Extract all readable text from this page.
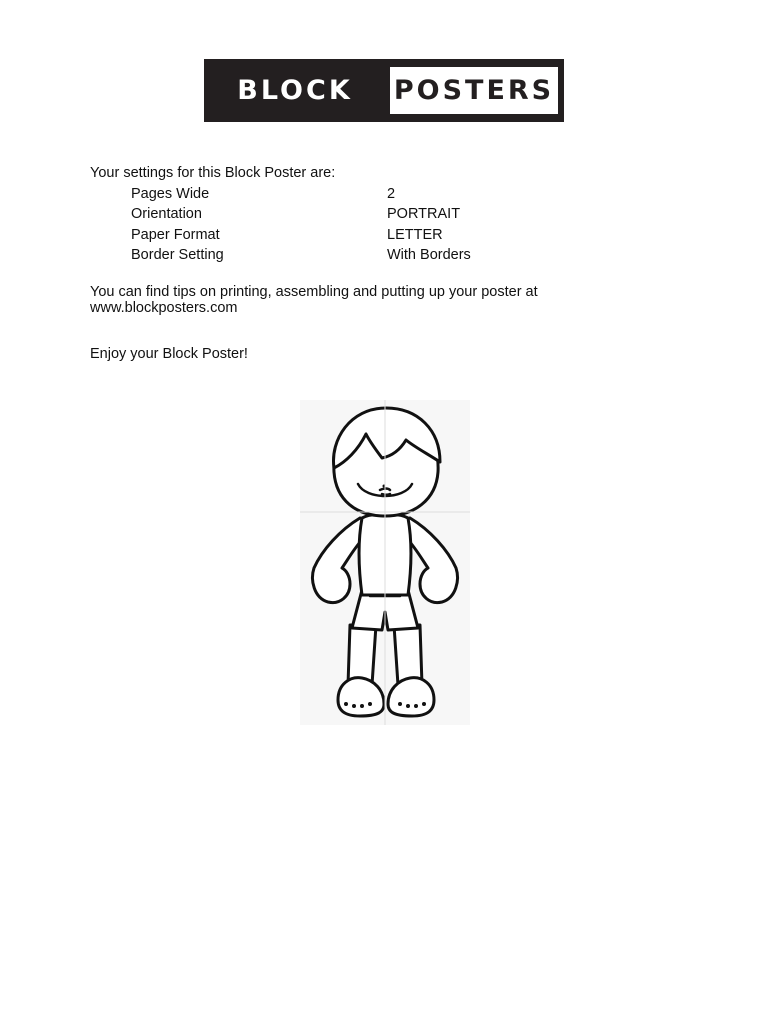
BLOCK	POSTERS
Your settings for this Block Poster are:
Pages Wide	2
Orientation	PORTRAIT
Paper Format	LETTER
Border Setting	With Borders
You can find tips on printing, assembling and putting up your poster at
www.blockposters.com
Enjoy your Block Poster!
